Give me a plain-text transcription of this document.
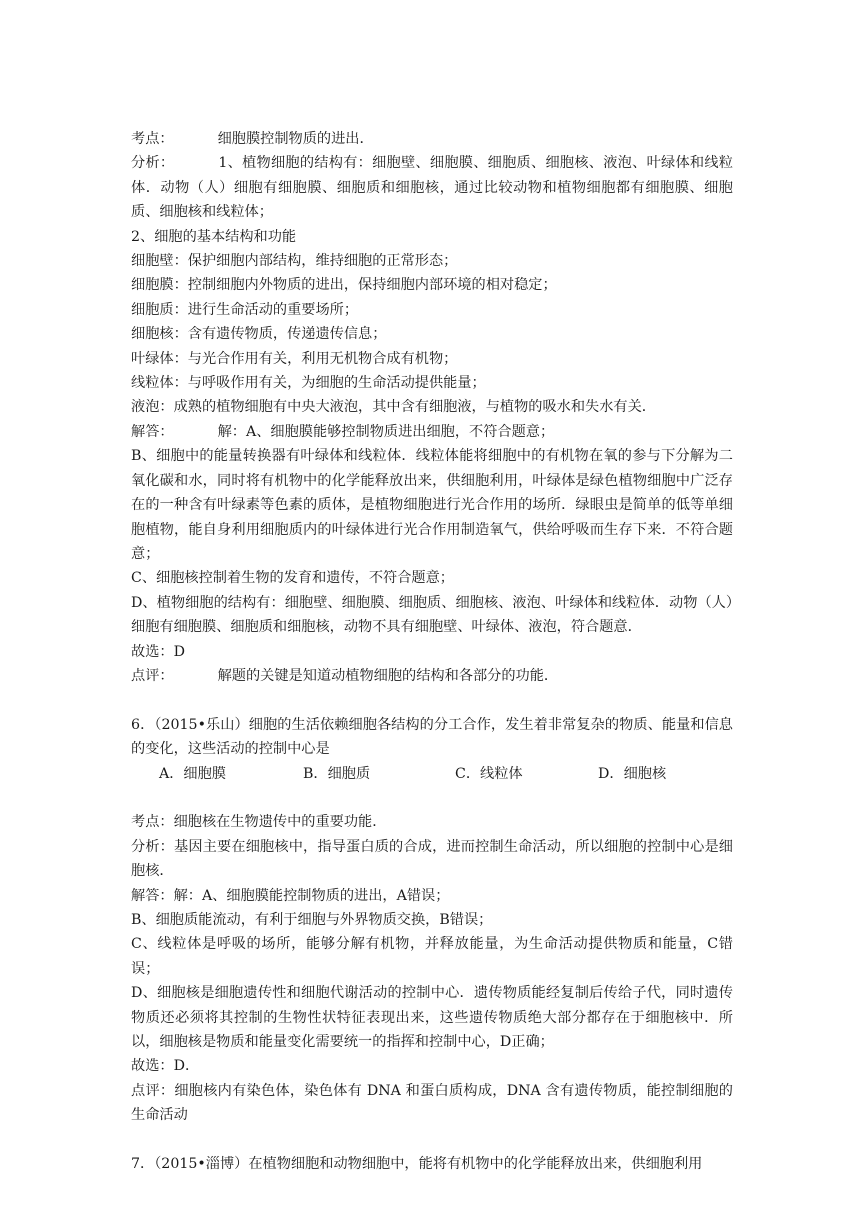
考点：	细胞膜控制物质的进出．
分析：	1、植物细胞的结构有：细胞壁、细胞膜、细胞质、细胞核、液泡、叶绿体和线粒体．动物（人）细胞有细胞膜、细胞质和细胞核，通过比较动物和植物细胞都有细胞膜、细胞质、细胞核和线粒体；
2、细胞的基本结构和功能
细胞壁：保护细胞内部结构，维持细胞的正常形态；
细胞膜：控制细胞内外物质的进出，保持细胞内部环境的相对稳定；
细胞质：进行生命活动的重要场所；
细胞核：含有遗传物质，传递遗传信息；
叶绿体：与光合作用有关，利用无机物合成有机物；
线粒体：与呼吸作用有关，为细胞的生命活动提供能量；
液泡：成熟的植物细胞有中央大液泡，其中含有细胞液，与植物的吸水和失水有关．
解答：	解：A、细胞膜能够控制物质进出细胞，不符合题意；
B、细胞中的能量转换器有叶绿体和线粒体．线粒体能将细胞中的有机物在氧的参与下分解为二氧化碳和水，同时将有机物中的化学能释放出来，供细胞利用，叶绿体是绿色植物细胞中广泛存在的一种含有叶绿素等色素的质体，是植物细胞进行光合作用的场所．绿眼虫是简单的低等单细胞植物，能自身利用细胞质内的叶绿体进行光合作用制造氧气，供给呼吸而生存下来．不符合题意；
C、细胞核控制着生物的发育和遗传，不符合题意；
D、植物细胞的结构有：细胞壁、细胞膜、细胞质、细胞核、液泡、叶绿体和线粒体．动物（人）细胞有细胞膜、细胞质和细胞核，动物不具有细胞壁、叶绿体、液泡，符合题意．
故选：D
点评：	解题的关键是知道动植物细胞的结构和各部分的功能．
6．（2015•乐山）细胞的生活依赖细胞各结构的分工合作，发生着非常复杂的物质、能量和信息的变化，这些活动的控制中心是
A．细胞膜	B．细胞质	C．线粒体	D．细胞核
考点：细胞核在生物遗传中的重要功能．
分析：基因主要在细胞核中，指导蛋白质的合成，进而控制生命活动，所以细胞的控制中心是细胞核．
解答：解：A、细胞膜能控制物质的进出，A错误；
B、细胞质能流动，有利于细胞与外界物质交换，B错误；
C、线粒体是呼吸的场所，能够分解有机物，并释放能量，为生命活动提供物质和能量，C错误；
D、细胞核是细胞遗传性和细胞代谢活动的控制中心．遗传物质能经复制后传给子代，同时遗传物质还必须将其控制的生物性状特征表现出来，这些遗传物质绝大部分都存在于细胞核中．所以，细胞核是物质和能量变化需要统一的指挥和控制中心，D正确；
故选：D．
点评：细胞核内有染色体，染色体有 DNA 和蛋白质构成，DNA 含有遗传物质，能控制细胞的生命活动
7．（2015•淄博）在植物细胞和动物细胞中，能将有机物中的化学能释放出来，供细胞利用
